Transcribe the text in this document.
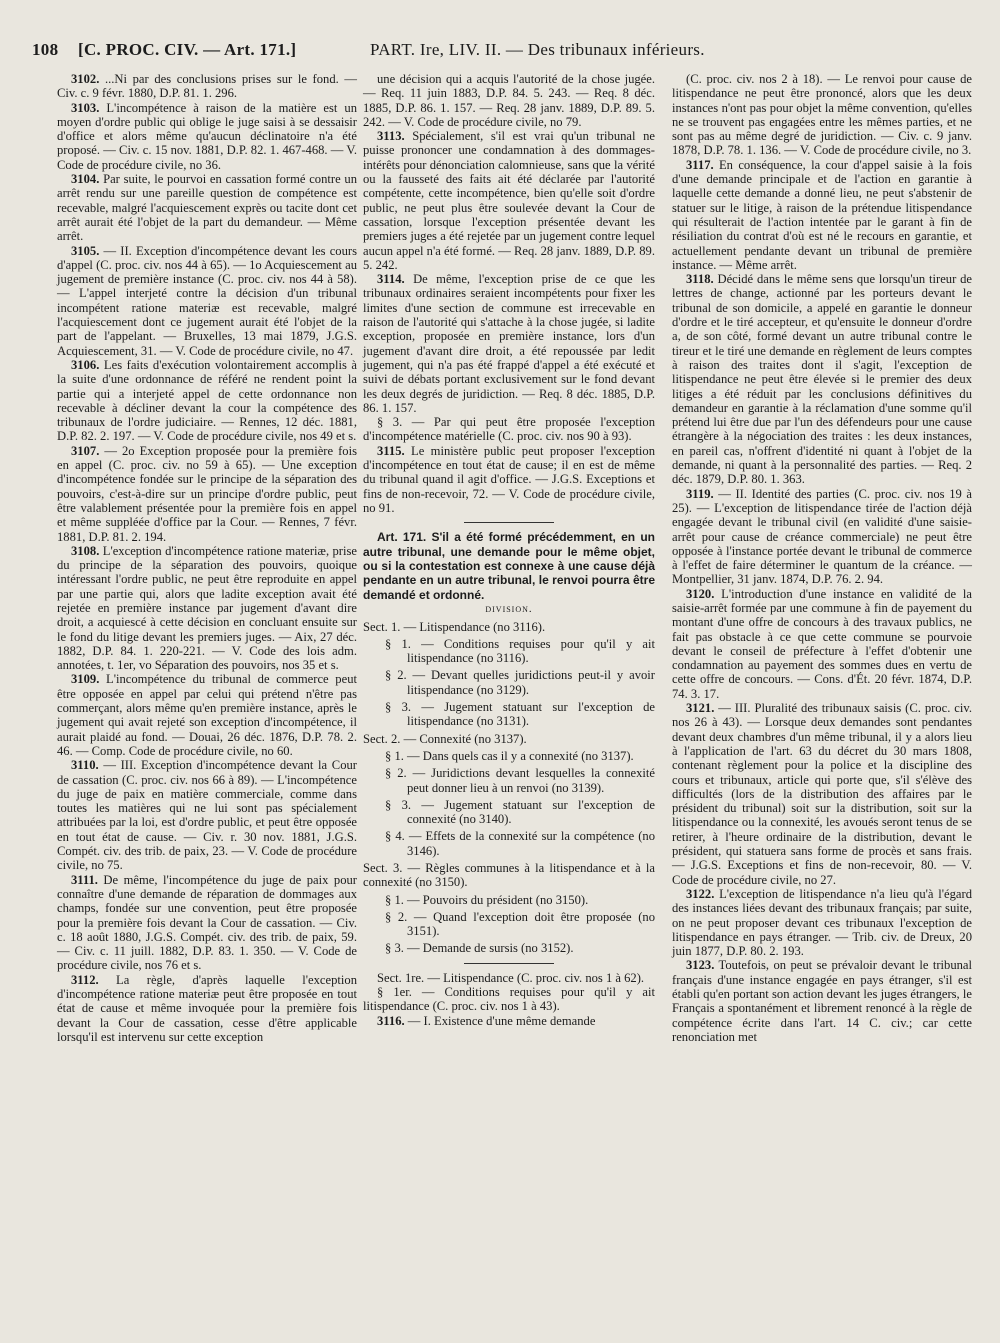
108 [C. PROC. CIV. — Art. 171.]	PART. Ire, LIV. II. — Des tribunaux inférieurs.

3102. ...Ni par des conclusions prises sur le fond. — Civ. c. 9 févr. 1880, D.P. 81. 1. 296.

3103. L'incompétence à raison de la matière est un moyen d'ordre public qui oblige le juge saisi à se dessaisir d'office et alors même qu'aucun déclinatoire n'a été proposé. — Civ. c. 15 nov. 1881, D.P. 82. 1. 467-468. — V. Code de procédure civile, no 36.

3104. Par suite, le pourvoi en cassation formé contre un arrêt rendu sur une pareille question de compétence est recevable, malgré l'acquiescement exprès ou tacite dont cet arrêt aurait été l'objet de la part du demandeur. — Même arrêt.

3105. — II. Exception d'incompétence devant les cours d'appel (C. proc. civ. nos 44 à 65). — 1o Acquiescement au jugement de première instance (C. proc. civ. nos 44 à 58). — L'appel interjeté contre la décision d'un tribunal incompétent ratione materiæ est recevable, malgré l'acquiescement dont ce jugement aurait été l'objet de la part de l'appelant. — Bruxelles, 13 mai 1879, J.G.S. Acquiescement, 31. — V. Code de procédure civile, no 47.

3106. Les faits d'exécution volontairement accomplis à la suite d'une ordonnance de référé ne rendent point la partie qui a interjeté appel de cette ordonnance non recevable à décliner devant la cour la compétence des tribunaux de l'ordre judiciaire. — Rennes, 12 déc. 1881, D.P. 82. 2. 197. — V. Code de procédure civile, nos 49 et s.

3107. — 2o Exception proposée pour la première fois en appel (C. proc. civ. no 59 à 65). — Une exception d'incompétence fondée sur le principe de la séparation des pouvoirs, c'est-à-dire sur un principe d'ordre public, peut être valablement présentée pour la première fois en appel et même suppléée d'office par la Cour. — Rennes, 7 févr. 1881, D.P. 81. 2. 194.

3108. L'exception d'incompétence ratione materiæ, prise du principe de la séparation des pouvoirs, quoique intéressant l'ordre public, ne peut être reproduite en appel par une partie qui, alors que ladite exception avait été rejetée en première instance par jugement d'avant dire droit, a acquiescé à cette décision en concluant ensuite sur le fond du litige devant les premiers juges. — Aix, 27 déc. 1882, D.P. 84. 1. 220-221. — V. Code des lois adm. annotées, t. 1er, vo Séparation des pouvoirs, nos 35 et s.

3109. L'incompétence du tribunal de commerce peut être opposée en appel par celui qui prétend n'être pas commerçant, alors même qu'en première instance, après le jugement qui avait rejeté son exception d'incompétence, il aurait plaidé au fond. — Douai, 26 déc. 1876, D.P. 78. 2. 46. — Comp. Code de procédure civile, no 60.

3110. — III. Exception d'incompétence devant la Cour de cassation (C. proc. civ. nos 66 à 89). — L'incompétence du juge de paix en matière commerciale, comme dans toutes les matières qui ne lui sont pas spécialement attribuées par la loi, est d'ordre public, et peut être opposée en tout état de cause. — Civ. r. 30 nov. 1881, J.G.S. Compét. civ. des trib. de paix, 23. — V. Code de procédure civile, no 75.

3111. De même, l'incompétence du juge de paix pour connaître d'une demande de réparation de dommages aux champs, fondée sur une convention, peut être proposée pour la première fois devant la Cour de cassation. — Civ. c. 18 août 1880, J.G.S. Compét. civ. des trib. de paix, 59. — Civ. c. 11 juill. 1882, D.P. 83. 1. 350. — V. Code de procédure civile, nos 76 et s.

3112. La règle, d'après laquelle l'exception d'incompétence ratione materiæ peut être proposée en tout état de cause et même invoquée pour la première fois devant la Cour de cassation, cesse d'être applicable lorsqu'il est intervenu sur cette exception

une décision qui a acquis l'autorité de la chose jugée. — Req. 11 juin 1883, D.P. 84. 5. 243. — Req. 8 déc. 1885, D.P. 86. 1. 157. — Req. 28 janv. 1889, D.P. 89. 5. 242. — V. Code de procédure civile, no 79.

3113. Spécialement, s'il est vrai qu'un tribunal ne puisse prononcer une condamnation à des dommages-intérêts pour dénonciation calomnieuse, sans que la vérité ou la fausseté des faits ait été déclarée par l'autorité compétente, cette incompétence, bien qu'elle soit d'ordre public, ne peut plus être soulevée devant la Cour de cassation, lorsque l'exception présentée devant les premiers juges a été rejetée par un jugement contre lequel aucun appel n'a été formé. — Req. 28 janv. 1889, D.P. 89. 5. 242.

3114. De même, l'exception prise de ce que les tribunaux ordinaires seraient incompétents pour fixer les limites d'une section de commune est irrecevable en raison de l'autorité qui s'attache à la chose jugée, si ladite exception, proposée en première instance, lors d'un jugement d'avant dire droit, a été repoussée par ledit jugement, qui n'a pas été frappé d'appel a été exécuté et suivi de débats portant exclusivement sur le fond devant les deux degrés de juridiction. — Req. 8 déc. 1885, D.P. 86. 1. 157.

§ 3. — Par qui peut être proposée l'exception d'incompétence matérielle (C. proc. civ. nos 90 à 93).

3115. Le ministère public peut proposer l'exception d'incompétence en tout état de cause; il en est de même du tribunal quand il agit d'office. — J.G.S. Exceptions et fins de non-recevoir, 72. — V. Code de procédure civile, no 91.

Art. 171. S'il a été formé précédemment, en un autre tribunal, une demande pour le même objet, ou si la contestation est connexe à une cause déjà pendante en un autre tribunal, le renvoi pourra être demandé et ordonné.

division.

Sect. 1. — Litispendance (no 3116).

§ 1. — Conditions requises pour qu'il y ait litispendance (no 3116).

§ 2. — Devant quelles juridictions peut-il y avoir litispendance (no 3129).

§ 3. — Jugement statuant sur l'exception de litispendance (no 3131).

Sect. 2. — Connexité (no 3137).

§ 1. — Dans quels cas il y a connexité (no 3137).

§ 2. — Juridictions devant lesquelles la connexité peut donner lieu à un renvoi (no 3139).

§ 3. — Jugement statuant sur l'exception de connexité (no 3140).

§ 4. — Effets de la connexité sur la compétence (no 3146).

Sect. 3. — Règles communes à la litispendance et à la connexité (no 3150).

§ 1. — Pouvoirs du président (no 3150).

§ 2. — Quand l'exception doit être proposée (no 3151).

§ 3. — Demande de sursis (no 3152).

Sect. 1re. — Litispendance (C. proc. civ. nos 1 à 62).

§ 1er. — Conditions requises pour qu'il y ait litispendance (C. proc. civ. nos 1 à 43).

3116. — I. Existence d'une même demande

(C. proc. civ. nos 2 à 18). — Le renvoi pour cause de litispendance ne peut être prononcé, alors que les deux instances n'ont pas pour objet la même convention, qu'elles ne se trouvent pas engagées entre les mêmes parties, et ne sont pas au même degré de juridiction. — Civ. c. 9 janv. 1878, D.P. 78. 1. 136. — V. Code de procédure civile, no 3.

3117. En conséquence, la cour d'appel saisie à la fois d'une demande principale et de l'action en garantie à laquelle cette demande a donné lieu, ne peut s'abstenir de statuer sur le litige, à raison de la prétendue litispendance qui résulterait de l'action intentée par le garant à fin de résiliation du contrat d'où est né le recours en garantie, et actuellement pendante devant un tribunal de première instance. — Même arrêt.

3118. Décidé dans le même sens que lorsqu'un tireur de lettres de change, actionné par les porteurs devant le tribunal de son domicile, a appelé en garantie le donneur d'ordre et le tiré accepteur, et qu'ensuite le donneur d'ordre a, de son côté, formé devant un autre tribunal contre le tireur et le tiré une demande en règlement de leurs comptes à raison des traites dont il s'agit, l'exception de litispendance ne peut être élevée si le premier des deux litiges a été réduit par les conclusions définitives du demandeur en garantie à la réclamation d'une somme qu'il prétend lui être due par l'un des défendeurs pour une cause étrangère à la négociation des traites : les deux instances, en pareil cas, n'offrent d'identité ni quant à l'objet de la demande, ni quant à la personnalité des parties. — Req. 2 déc. 1879, D.P. 80. 1. 363.

3119. — II. Identité des parties (C. proc. civ. nos 19 à 25). — L'exception de litispendance tirée de l'action déjà engagée devant le tribunal civil (en validité d'une saisie-arrêt pour cause de créance commerciale) ne peut être opposée à l'instance portée devant le tribunal de commerce à l'effet de faire déterminer le quantum de la créance. — Montpellier, 31 janv. 1874, D.P. 76. 2. 94.

3120. L'introduction d'une instance en validité de la saisie-arrêt formée par une commune à fin de payement du montant d'une offre de concours à des travaux publics, ne fait pas obstacle à ce que cette commune se pourvoie devant le conseil de préfecture à l'effet d'obtenir une condamnation au payement des sommes dues en vertu de cette offre de concours. — Cons. d'Ét. 20 févr. 1874, D.P. 74. 3. 17.

3121. — III. Pluralité des tribunaux saisis (C. proc. civ. nos 26 à 43). — Lorsque deux demandes sont pendantes devant deux chambres d'un même tribunal, il y a alors lieu à l'application de l'art. 63 du décret du 30 mars 1808, contenant règlement pour la police et la discipline des cours et tribunaux, article qui porte que, s'il s'élève des difficultés (lors de la distribution des affaires par le président du tribunal) soit sur la distribution, soit sur la litispendance ou la connexité, les avoués seront tenus de se retirer, à l'heure ordinaire de la distribution, devant le président, qui statuera sans forme de procès et sans frais. — J.G.S. Exceptions et fins de non-recevoir, 80. — V. Code de procédure civile, no 27.

3122. L'exception de litispendance n'a lieu qu'à l'égard des instances liées devant des tribunaux français; par suite, on ne peut proposer devant ces tribunaux l'exception de litispendance en pays étranger. — Trib. civ. de Dreux, 20 juin 1877, D.P. 80. 2. 193.

3123. Toutefois, on peut se prévaloir devant le tribunal français d'une instance engagée en pays étranger, s'il est établi qu'en portant son action devant les juges étrangers, le Français a spontanément et librement renoncé à la règle de compétence écrite dans l'art. 14 C. civ.; car cette renonciation met
